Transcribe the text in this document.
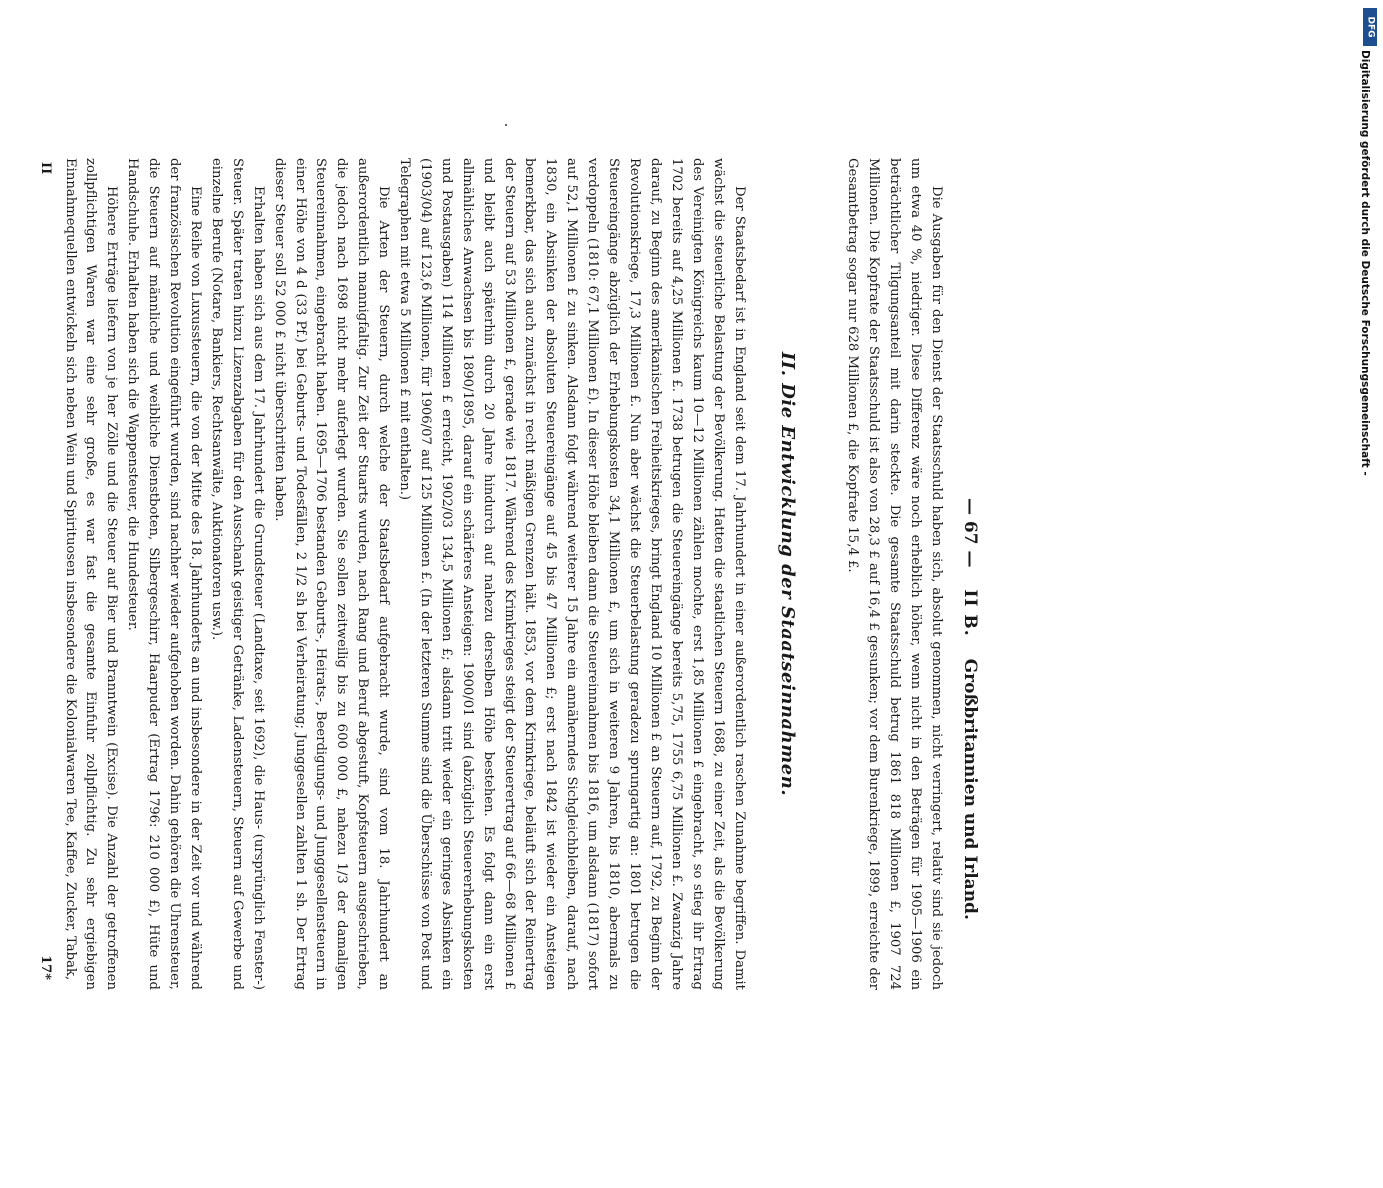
— 67 —
II B.
Großbritannien und Irland.

Die Ausgaben für den Dienst der Staatsschuld haben sich, absolut genommen, nicht verringert, relativ sind sie jedoch um etwa 40 %, niedriger. Diese Differenz wäre noch erheblich höher, wenn nicht in den Beträgen für 1905—1906 ein beträchtlicher Tilgungsanteil mit darin steckte. Die gesamte Staatsschuld betrug 1861 818 Millionen £, 1907 724 Millionen. Die Kopfrate der Staatsschuld ist also von 28,3 £ auf 16,4 £ gesunken; vor dem Burenkriege, 1899, erreichte der Gesamtbetrag sogar nur 628 Millionen £, die Kopfrate 15,4 £.

II. Die Entwicklung der Staatseinnahmen.

Der Staatsbedarf ist in England seit dem 17. Jahrhundert in einer außerordentlich raschen Zunahme begriffen. Damit wächst die steuerliche Belastung der Bevölkerung. Hatten die staatlichen Steuern 1688, zu einer Zeit, als die Bevölkerung des Vereinigten Königreichs kaum 10—12 Millionen zählen mochte, erst 1,85 Millionen £ eingebracht, so stieg ihr Ertrag 1702 bereits auf 4,25 Millionen £. 1738 betrugen die Steuereingänge bereits 5,75, 1755 6,75 Millionen £. Zwanzig Jahre darauf, zu Beginn des amerikanischen Freiheitskrieges, bringt England 10 Millionen £ an Steuern auf, 1792, zu Beginn der Revolutionskriege, 17,3 Millionen £. Nun aber wächst die Steuerbelastung geradezu sprungartig an: 1801 betrugen die Steuereingänge abzüglich der Erhebungskosten 34,1 Millionen £, um sich in weiteren 9 Jahren, bis 1810, abermals zu verdoppeln (1810: 67,1 Millionen £). In dieser Höhe bleiben dann die Steuereinnahmen bis 1816, um alsdann (1817) sofort auf 52,1 Millionen £ zu sinken. Alsdann folgt während weiterer 15 Jahre ein annäherndes Sichgleichbleiben, darauf, nach 1830, ein Absinken der absoluten Steuereingänge auf 45 bis 47 Millionen £; erst nach 1842 ist wieder ein Ansteigen bemerkbar, das sich auch zunächst in recht mäßigen Grenzen hält. 1853, vor dem Krimkriege, beläuft sich der Reinertrag der Steuern auf 53 Millionen £, gerade wie 1817. Während des Krimkrieges steigt der Steuerertrag auf 66—68 Millionen £ und bleibt auch späterhin durch 20 Jahre hindurch auf nahezu derselben Höhe bestehen. Es folgt dann ein erst allmähliches Anwachsen bis 1890/1895, darauf ein schärferes Ansteigen: 1900/01 sind (abzüglich Steuererhebungskosten und Postausgaben) 114 Millionen £ erreicht, 1902/03 134,5 Millionen £; alsdann tritt wieder ein geringes Absinken ein (1903/04) auf 123,6 Millionen, für 1906/07 auf 125 Millionen £. (In der letzteren Summe sind die Überschüsse von Post und Telegraphen mit etwa 5 Millionen £ mit enthalten.)

Die Arten der Steuern, durch welche der Staatsbedarf aufgebracht wurde, sind vom 18. Jahrhundert an außerordentlich mannigfaltig. Zur Zeit der Stuarts wurden, nach Rang und Beruf abgestuft, Kopfsteuern ausgeschrieben, die jedoch nach 1698 nicht mehr auferlegt wurden. Sie sollen zeitweilig bis zu 600 000 £, nahezu 1/3 der damaligen Steuereinnahmen, eingebracht haben. 1695—1706 bestanden Geburts-, Heirats-, Beerdigungs- und Junggesellensteuern in einer Höhe von 4 d (33 Pf.) bei Geburts- und Todesfällen, 2 1/2 sh bei Verheiratung; Junggesellen zahlten 1 sh. Der Ertrag dieser Steuer soll 52 000 £ nicht überschritten haben.

Erhalten haben sich aus dem 17. Jahrhundert die Grundsteuer (Landtaxe, seit 1692), die Haus- (ursprünglich Fenster-) Steuer. Später traten hinzu Lizenzabgaben für den Ausschank geistiger Getränke, Ladensteuern, Steuern auf Gewerbe und einzelne Berufe (Notare, Bankiers, Rechtsanwälte, Auktionatoren usw.).

Eine Reihe von Luxussteuern, die von der Mitte des 18. Jahrhunderts an und insbesondere in der Zeit vor und während der französischen Revolution eingeführt wurden, sind nachher wieder aufgehoben worden. Dahin gehören die Uhrensteuer, die Steuern auf männliche und weibliche Dienstboten, Silbergeschirr, Haarpuder (Ertrag 1796: 210 000 £), Hüte und Handschuhe. Erhalten haben sich die Wappensteuer, die Hundesteuer.

Höhere Erträge liefern von je her Zölle und die Steuer auf Bier und Branntwein (Excise). Die Anzahl der getroffenen zollpflichtigen Waren war eine sehr große, es war fast die gesamte Einfuhr zollpflichtig. Zu sehr ergiebigen Einnahmequellen entwickeln sich neben Wein und Spirituosen insbesondere die Kolonialwaren Tee, Kaffee, Zucker, Tabak,

II
17*
DFG
Digitalisierung gefördert durch die Deutsche Forschungsgemeinschaft -
